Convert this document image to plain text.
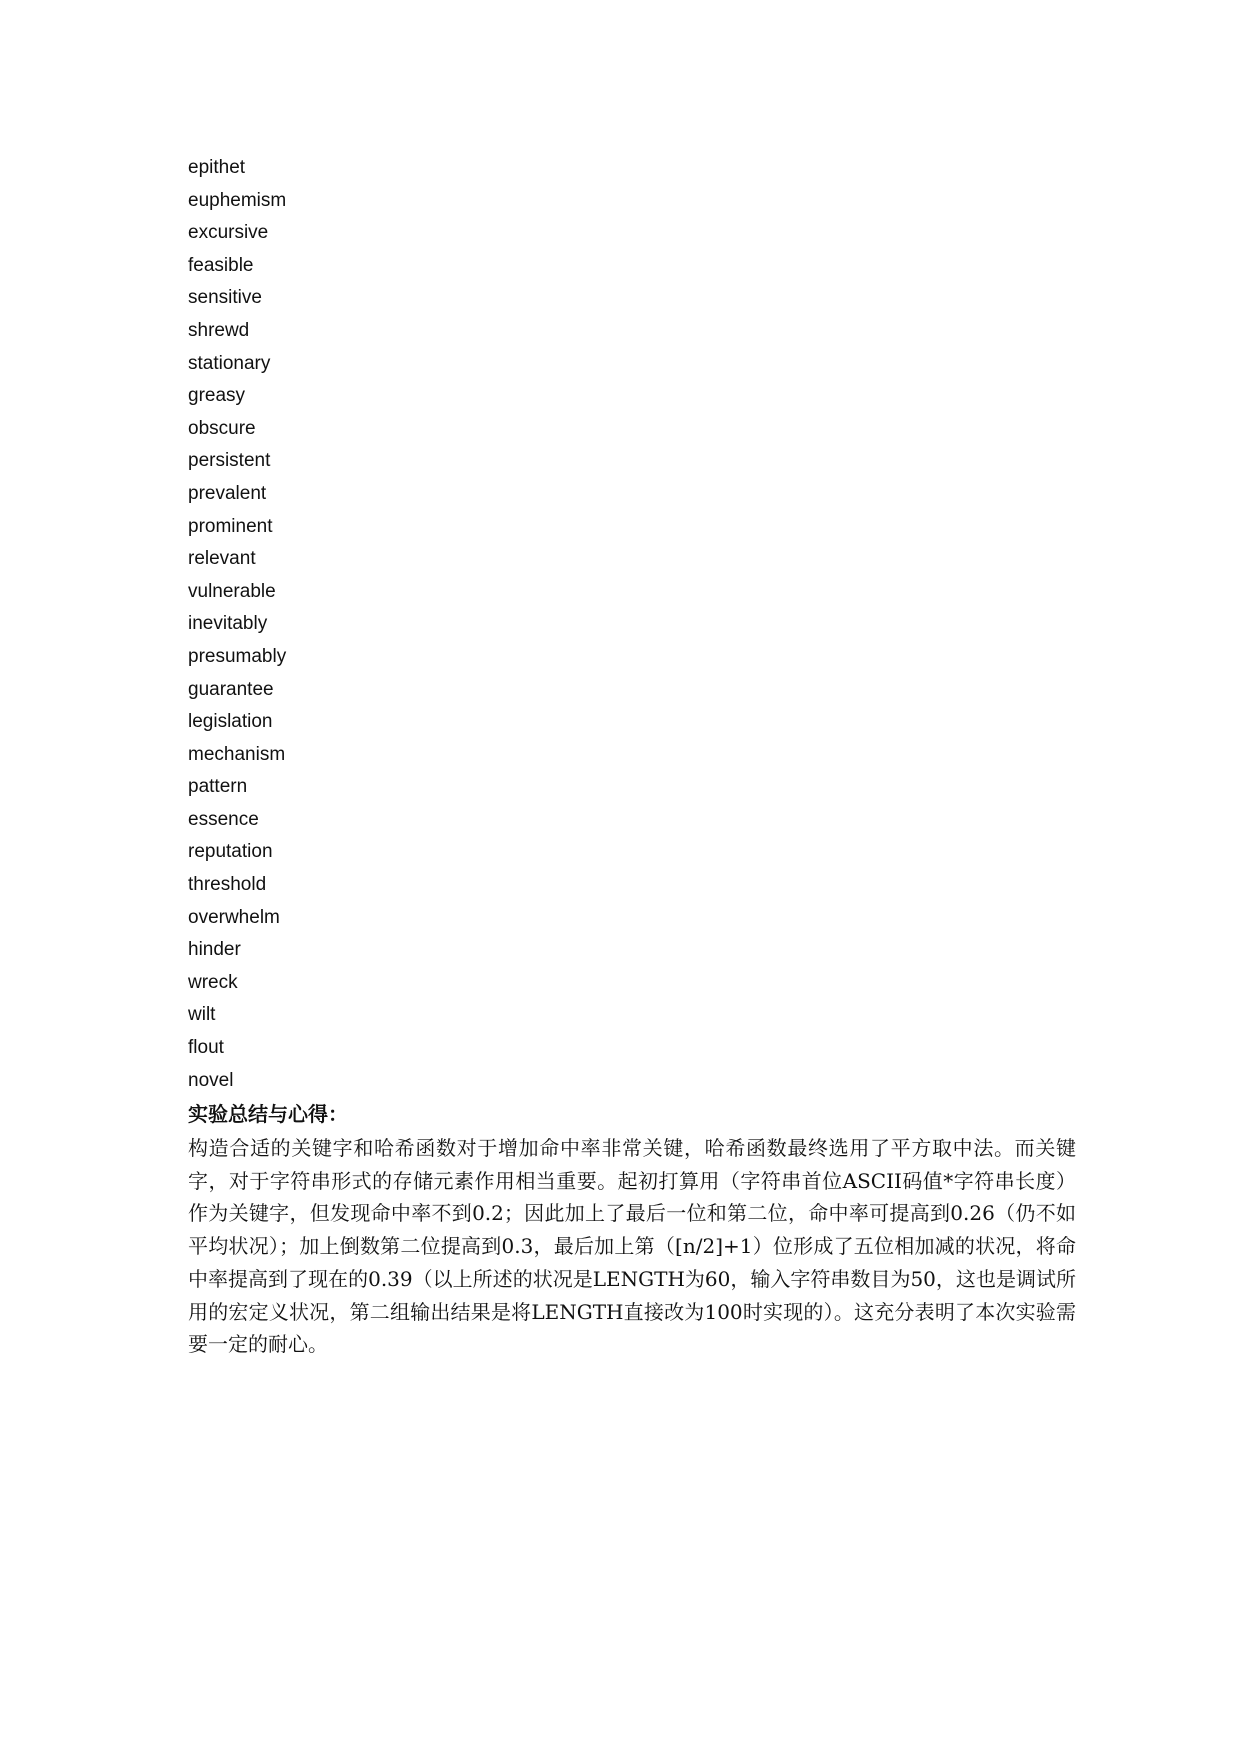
epithet
euphemism
excursive
feasible
sensitive
shrewd
stationary
greasy
obscure
persistent
prevalent
prominent
relevant
vulnerable
inevitably
presumably
guarantee
legislation
mechanism
pattern
essence
reputation
threshold
overwhelm
hinder
wreck
wilt
flout
novel
实验总结与心得：

构造合适的关键字和哈希函数对于增加命中率非常关键，哈希函数最终选用了平方取中法。而关键字，对于字符串形式的存储元素作用相当重要。起初打算用（字符串首位ASCII码值*字符串长度）作为关键字，但发现命中率不到0.2；因此加上了最后一位和第二位，命中率可提高到0.26（仍不如平均状况）；加上倒数第二位提高到0.3，最后加上第（[n/2]+1）位形成了五位相加减的状况，将命中率提高到了现在的0.39（以上所述的状况是LENGTH为60，输入字符串数目为50，这也是调试所用的宏定义状况，第二组输出结果是将LENGTH直接改为100时实现的）。这充分表明了本次实验需要一定的耐心。
